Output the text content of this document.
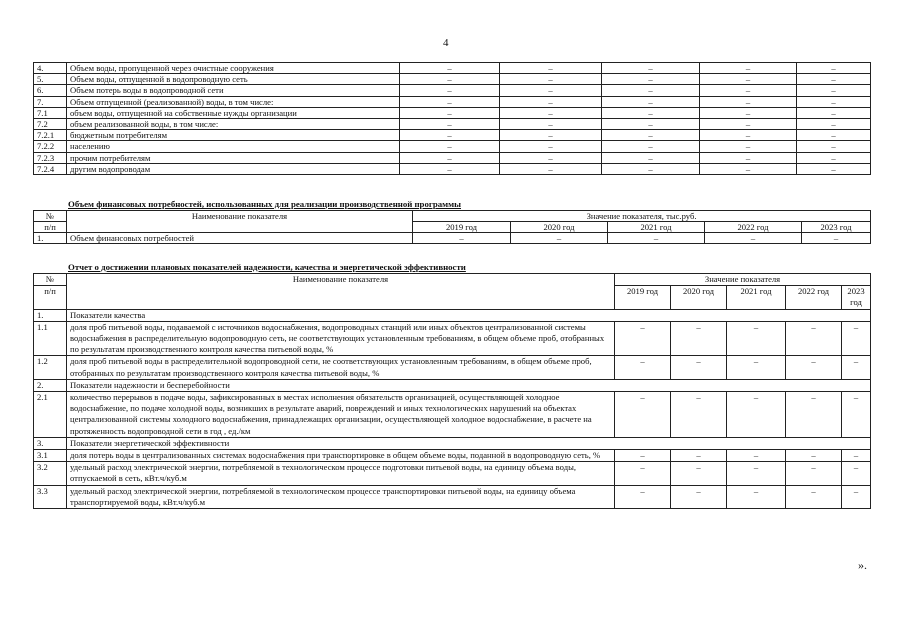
4
4.	Объем воды, пропущенной через очистные сооружения	–	–	–	–	–
5.	Объем воды, отпущенной в водопроводную сеть	–	–	–	–	–
6.	Объем потерь воды в водопроводной сети	–	–	–	–	–
7.	Объем отпущенной (реализованной) воды, в том числе:	–	–	–	–	–
7.1	объем воды, отпущенной на собственные нужды организации	–	–	–	–	–
7.2	объем реализованной воды, в том числе:	–	–	–	–	–
7.2.1	бюджетным потребителям	–	–	–	–	–
7.2.2	населению	–	–	–	–	–
7.2.3	прочим потребителям	–	–	–	–	–
7.2.4	другим водопроводам	–	–	–	–	–
Объем финансовых потребностей, использованных для реализации производственной программы
№	Наименование показателя	Значение показателя, тыс.руб.				
п/п		2019 год	2020 год	2021 год	2022 год	2023 год
1.	Объем финансовых потребностей	–	–	–	–	–
Отчет о достижении плановых показателей надежности, качества и энергетической эффективности
№	Наименование показателя	Значение показателя				
п/п		2019 год	2020 год	2021 год	2022 год	2023 год
1.	Показатели качества					
1.1	доля проб питьевой воды, подаваемой с источников водоснабжения, водопроводных станций или иных объектов централизованной системы водоснабжения в распределительную водопроводную сеть, не соответствующих установленным требованиям, в общем объеме проб, отобранных по результатам производственного контроля качества питьевой воды, %	–	–	–	–	–
1.2	доля проб питьевой воды в распределительной водопроводной сети, не соответствующих установленным требованиям, в общем объеме проб, отобранных по результатам производственного контроля качества питьевой воды, %	–	–	–	–	–
2.	Показатели надежности и бесперебойности					
2.1	количество перерывов в подаче воды, зафиксированных в местах исполнения обязательств организацией, осуществляющей холодное водоснабжение, по подаче холодной воды, возникших в результате аварий, повреждений и иных технологическнх нарушений на объектах централизованной системы холодного водоснабжения, принадлежащих организации, осуществляющей холодное водоснабжение, в расчете на протяженность водопроводной сети в год , ед./км	–	–	–	–	–
3.	Показатели энергетической эффективности					
3.1	доля потерь воды в централизованных системах водоснабжения при транспортировке в общем объеме воды, поданной в водопроводную сеть, %	–	–	–	–	–
3.2	удельный расход электрической энергии, потребляемой в технологическом процессе подготовки питьевой воды, на единицу объема воды, отпускаемой в сеть, кВт.ч/куб.м	–	–	–	–	–
3.3	удельный расход электрической энергии, потребляемой в технологическом процессе транспортировки питьевой воды, на единицу объема транспортируемой воды, кВт.ч/куб.м	–	–	–	–	–
».
